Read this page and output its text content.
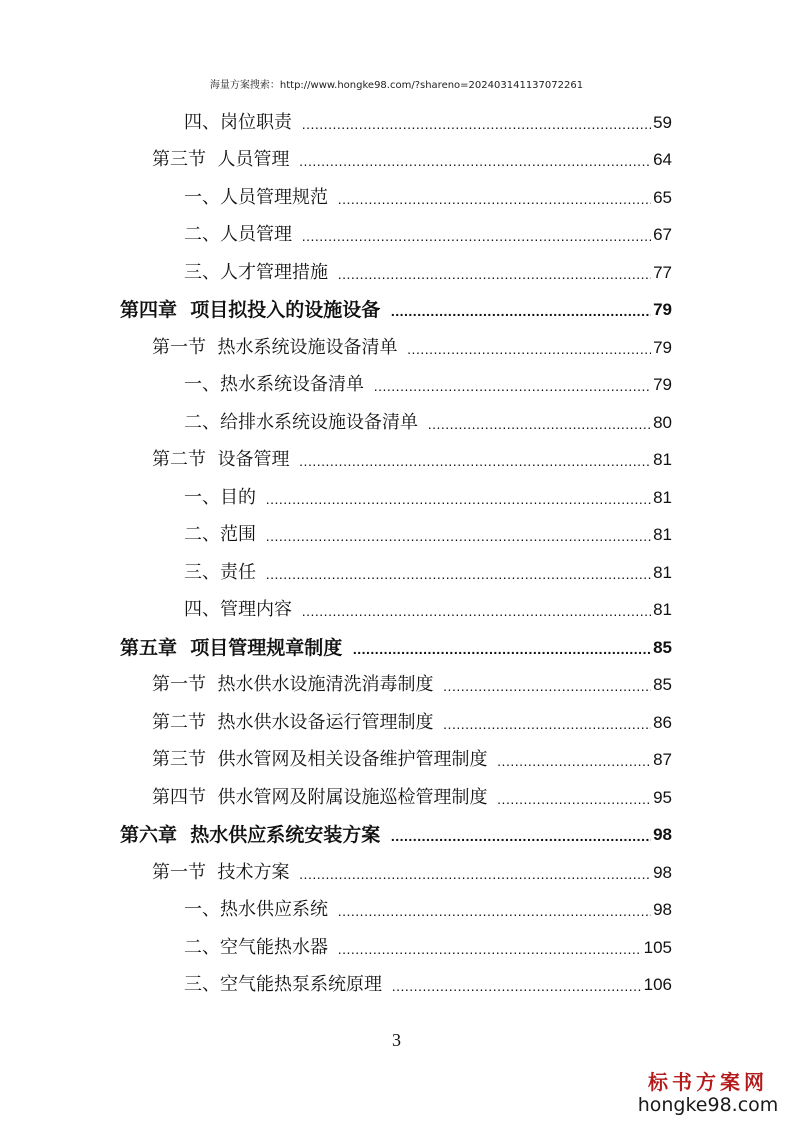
海量方案搜索：http://www.hongke98.com/?shareno=20240314113707226​1
四、岗位职责 .....	59
第三节  人员管理 .....	64
一、人员管理规范 .....	65
二、人员管理 .....	67
三、人才管理措施 .....	77
第四章  项目拟投入的设施设备 .....	79
第一节  热水系统设施设备清单 .....	79
一、热水系统设备清单 .....	79
二、给排水系统设施设备清单 .....	80
第二节  设备管理 .....	81
一、目的 .....	81
二、范围 .....	81
三、责任 .....	81
四、管理内容 .....	81
第五章  项目管理规章制度 .....	85
第一节  热水供水设施清洗消毒制度 .....	85
第二节  热水供水设备运行管理制度 .....	86
第三节  供水管网及相关设备维护管理制度 .....	87
第四节  供水管网及附属设施巡检管理制度 .....	95
第六章  热水供应系统安装方案 .....	98
第一节  技术方案 .....	98
一、热水供应系统 .....	98
二、空气能热水器 .....	105
三、空气能热泵系统原理 .....	106
3
标书方案网
hongke98.com
